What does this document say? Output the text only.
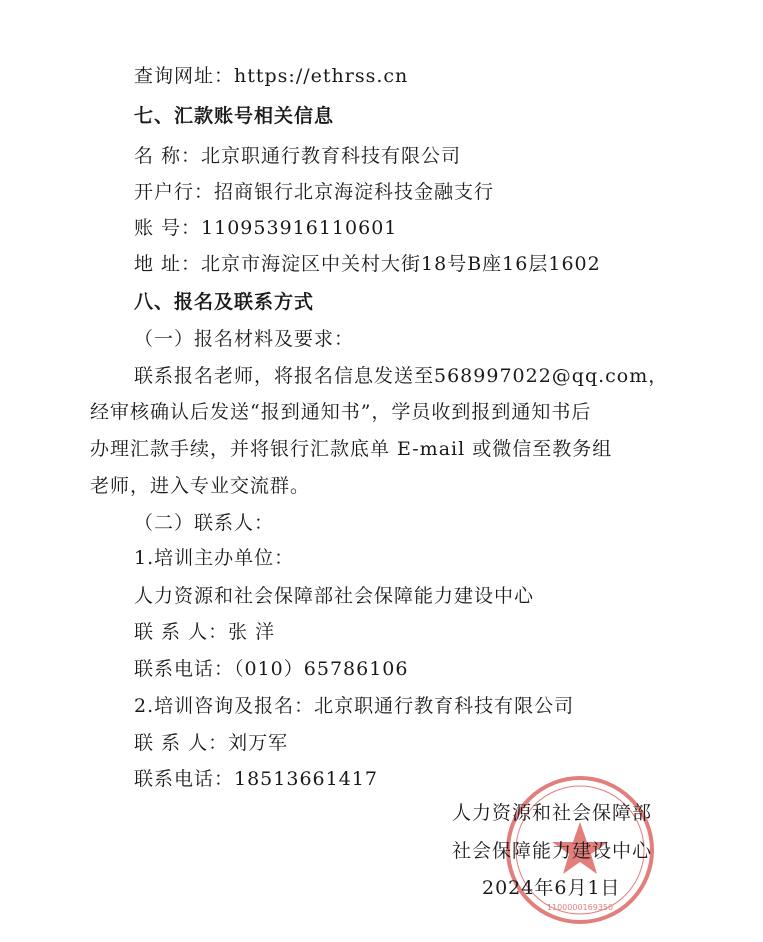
查询网址：https://ethrss.cn
七、汇款账号相关信息
名 称：北京职通行教育科技有限公司
开户行：招商银行北京海淀科技金融支行
账 号：110953916110601
地 址：北京市海淀区中关村大街18号B座16层1602
八、报名及联系方式
（一）报名材料及要求：
联系报名老师，将报名信息发送至568997022@qq.com，
经审核确认后发送“报到通知书”，学员收到报到通知书后
办理汇款手续，并将银行汇款底单 E-mail 或微信至教务组
老师，进入专业交流群。
（二）联系人：
1.培训主办单位：
人力资源和社会保障部社会保障能力建设中心
联 系 人：张 洋
联系电话：（010）65786106
2.培训咨询及报名：北京职通行教育科技有限公司
联 系 人：刘万军
联系电话：18513661417
1100000169350
人力资源和社会保障部
社会保障能力建设中心
2024年6月1日
